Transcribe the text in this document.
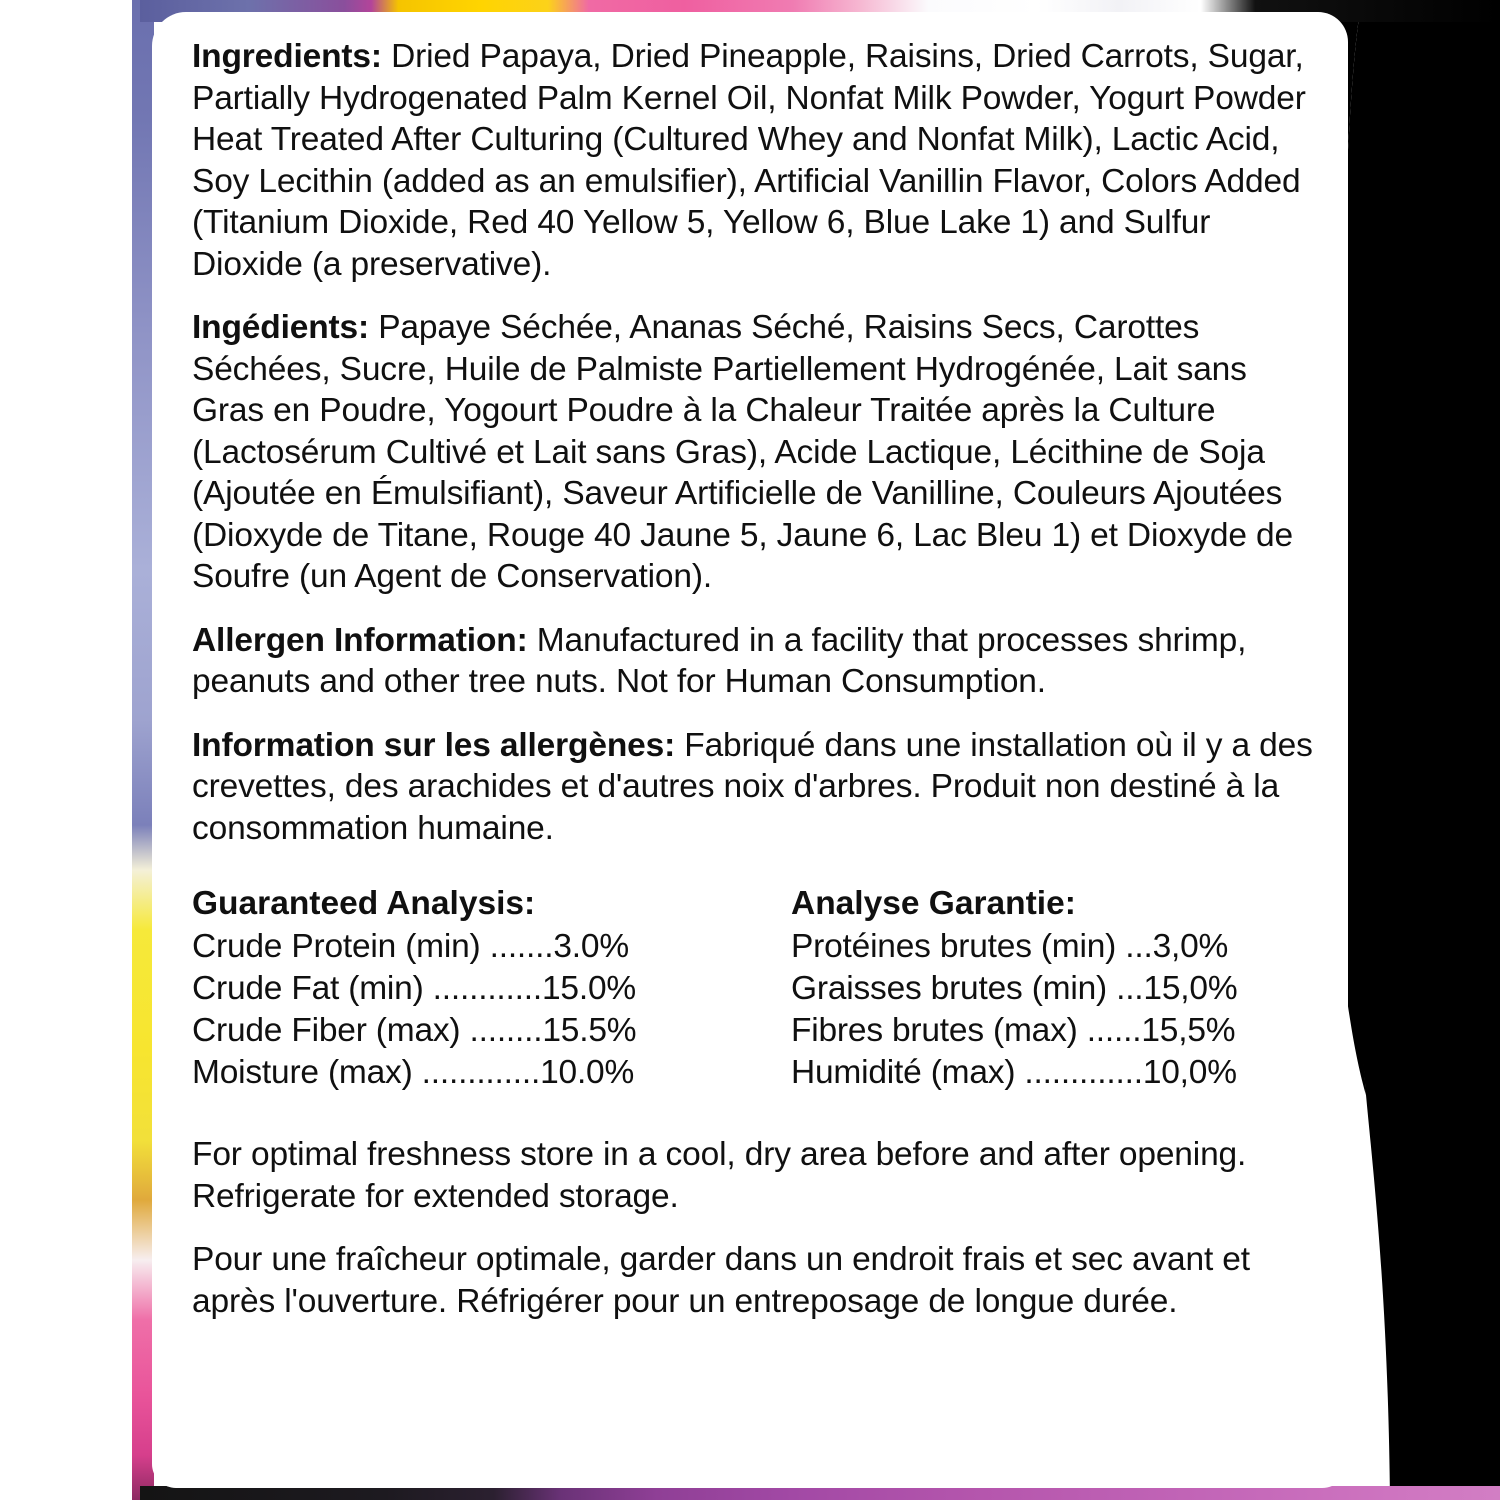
Ingredients: Dried Papaya, Dried Pineapple, Raisins, Dried Carrots, Sugar, Partially Hydrogenated Palm Kernel Oil, Nonfat Milk Powder, Yogurt Powder Heat Treated After Culturing (Cultured Whey and Nonfat Milk), Lactic Acid, Soy Lecithin (added as an emulsifier), Artificial Vanillin Flavor, Colors Added (Titanium Dioxide, Red 40 Yellow 5, Yellow 6, Blue Lake 1) and Sulfur Dioxide (a preservative).

Ingédients: Papaye Séchée, Ananas Séché, Raisins Secs, Carottes Séchées, Sucre, Huile de Palmiste Partiellement Hydrogénée, Lait sans Gras en Poudre, Yogourt Poudre à la Chaleur Traitée après la Culture (Lactosérum Cultivé et Lait sans Gras), Acide Lactique, Lécithine de Soja (Ajoutée en Émulsifiant), Saveur Artificielle de Vanilline, Couleurs Ajoutées (Dioxyde de Titane, Rouge 40 Jaune 5, Jaune 6, Lac Bleu 1) et Dioxyde de Soufre (un Agent de Conservation).

Allergen Information: Manufactured in a facility that processes shrimp, peanuts and other tree nuts. Not for Human Consumption.

Information sur les allergènes: Fabriqué dans une installation où il y a des crevettes, des arachides et d'autres noix d'arbres. Produit non destiné à la consommation humaine.

Guaranteed Analysis:
Crude Protein (min) .......3.0%
Crude Fat (min) ............15.0%
Crude Fiber (max) ........15.5%
Moisture (max) .............10.0%
Analyse Garantie:
Protéines brutes (min) ...3,0%
Graisses brutes (min) ...15,0%
Fibres brutes (max) ......15,5%
Humidité (max) .............10,0%

For optimal freshness store in a cool, dry area before and after opening. Refrigerate for extended storage.

Pour une fraîcheur optimale, garder dans un endroit frais et sec avant et après l'ouverture. Réfrigérer pour un entreposage de longue durée.
